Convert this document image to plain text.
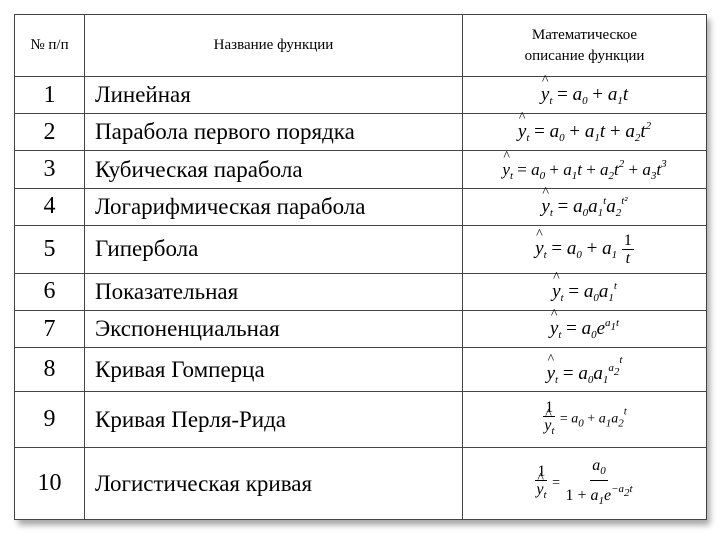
№ п/п	Название функции	Математическое
описание функции
1	Линейная	^ $y_t = a_0 + a_1t$
2	Парабола первого порядка	^ $y_t = a_0 + a_1t + a_2t^2$
3	Кубическая парабола	^ $y_t = a_0 + a_1t + a_2t^2 + a_3t^3$
4	Логарифмическая парабола	^ $y_t = a_0a_1^ta_2^{t^2}$
5	Гипербола	^ $y_t = a_0 + a_1 \frac{1}{t}$

6	Показательная	^ $y_t = a_0a_1^t$
7	Экспоненциальная	^ $y_t = a_0e^{a_1t}$
8	Кривая Гомперца	^ $y_t = a_0a_1^{a_2^t}$
9	Кривая Перля-Рида	1
^ $y_t = a_0 + a_1a_2^t$
10	Логистическая кривая	1
^ $y_t = \frac{a_0}{1 + a_1e^{-a_2t}}$
